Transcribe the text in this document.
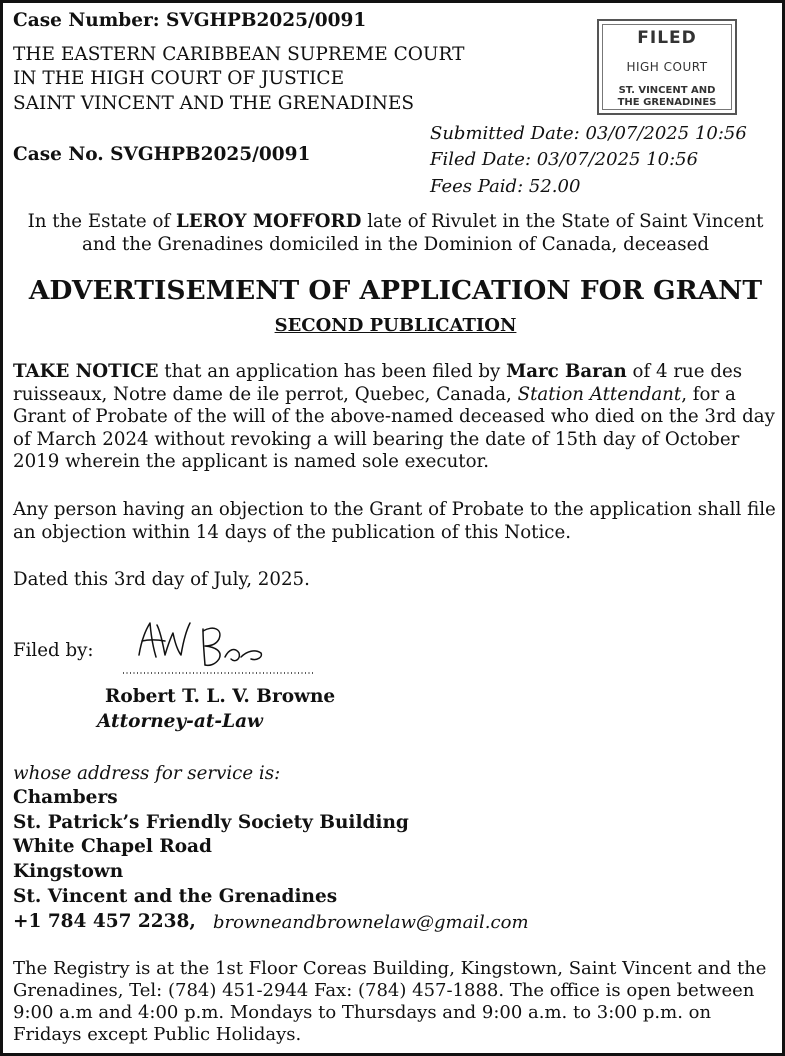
Case Number: SVGHPB2025/0091
THE EASTERN CARIBBEAN SUPREME COURT
IN THE HIGH COURT OF JUSTICE
SAINT VINCENT AND THE GRENADINES
Case No. SVGHPB2025/0091
FILED
HIGH COURT
ST. VINCENT AND
THE GRENADINES
Submitted Date: 03/07/2025 10:56
Filed Date: 03/07/2025 10:56
Fees Paid: 52.00
In the Estate of LEROY MOFFORD late of Rivulet in the State of Saint Vincent
and the Grenadines domiciled in the Dominion of Canada, deceased
ADVERTISEMENT OF APPLICATION FOR GRANT
SECOND PUBLICATION

TAKE NOTICE that an application has been filed by Marc Baran of 4 rue des ruisseaux, Notre dame de ile perrot, Quebec, Canada, Station Attendant, for a Grant of Probate of the will of the above-named deceased who died on the 3rd day of March 2024 without revoking a will bearing the date of 15th day of October 2019 wherein the applicant is named sole executor.

Any person having an objection to the Grant of Probate to the application shall file an objection within 14 days of the publication of this Notice.
Dated this 3rd day of July, 2025.
Filed by:
Robert T. L. V. Browne
Attorney-at-Law
whose address for service is:
Chambers
St. Patrick’s Friendly Society Building
White Chapel Road
Kingstown
St. Vincent and the Grenadines
+1 784 457 2238, browneandbrownelaw@gmail.com
The Registry is at the 1st Floor Coreas Building, Kingstown, Saint Vincent and the Grenadines, Tel: (784) 451-2944 Fax: (784) 457-1888. The office is open between 9:00 a.m and 4:00 p.m. Mondays to Thursdays and 9:00 a.m. to 3:00 p.m. on Fridays except Public Holidays.
